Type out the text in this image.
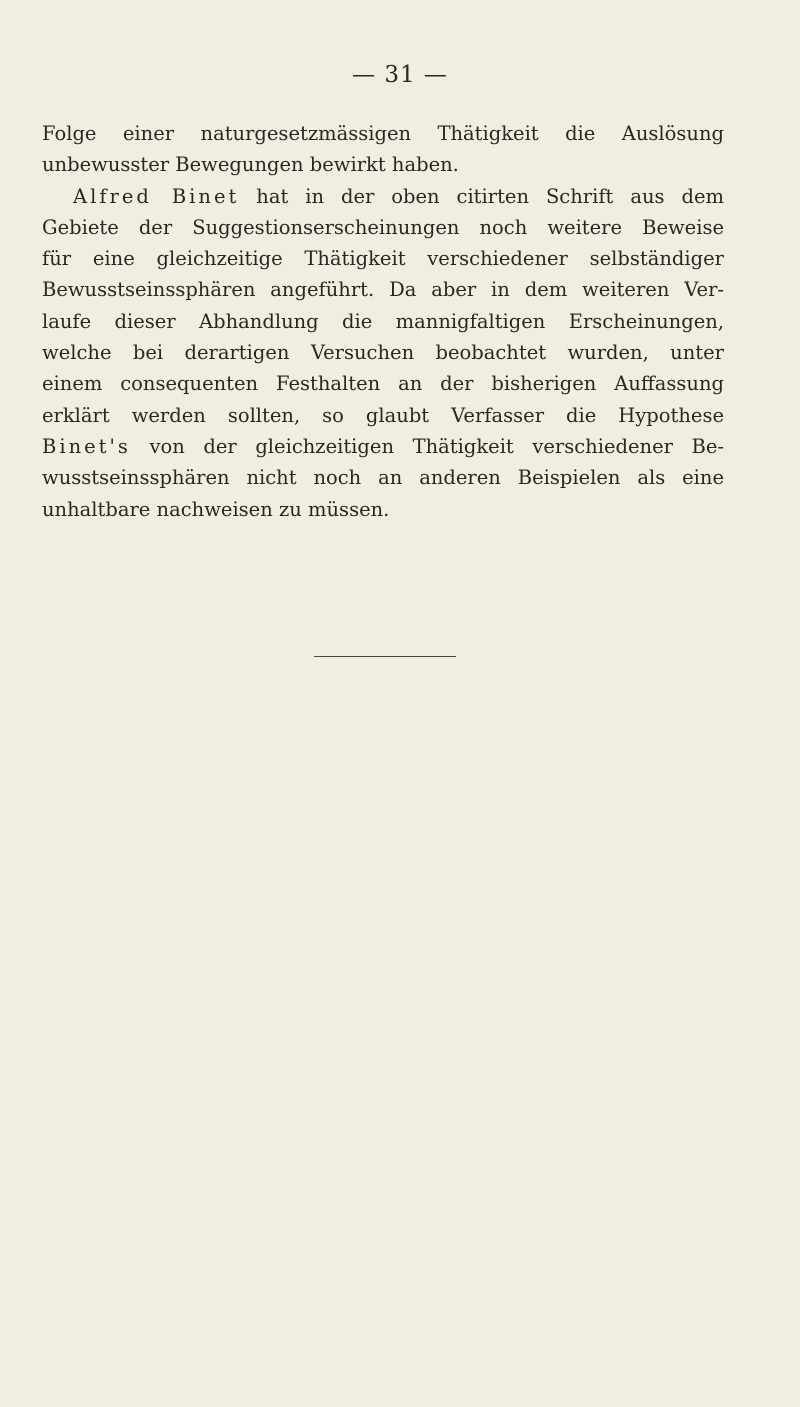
— 31 —
Folge einer naturgesetzmässigen Thätigkeit die Auslösung
unbewusster Bewegungen bewirkt haben.
Alfred Binet hat in der oben citirten Schrift aus dem
Gebiete der Suggestionserscheinungen noch weitere Beweise
für eine gleichzeitige Thätigkeit verschiedener selbständiger
Bewusstseinssphären angeführt. Da aber in dem weiteren Ver-
laufe dieser Abhandlung die mannigfaltigen Erscheinungen,
welche bei derartigen Versuchen beobachtet wurden, unter
einem consequenten Festhalten an der bisherigen Auffassung
erklärt werden sollten, so glaubt Verfasser die Hypothese
Binet's von der gleichzeitigen Thätigkeit verschiedener Be-
wusstseinssphären nicht noch an anderen Beispielen als eine
unhaltbare nachweisen zu müssen.
